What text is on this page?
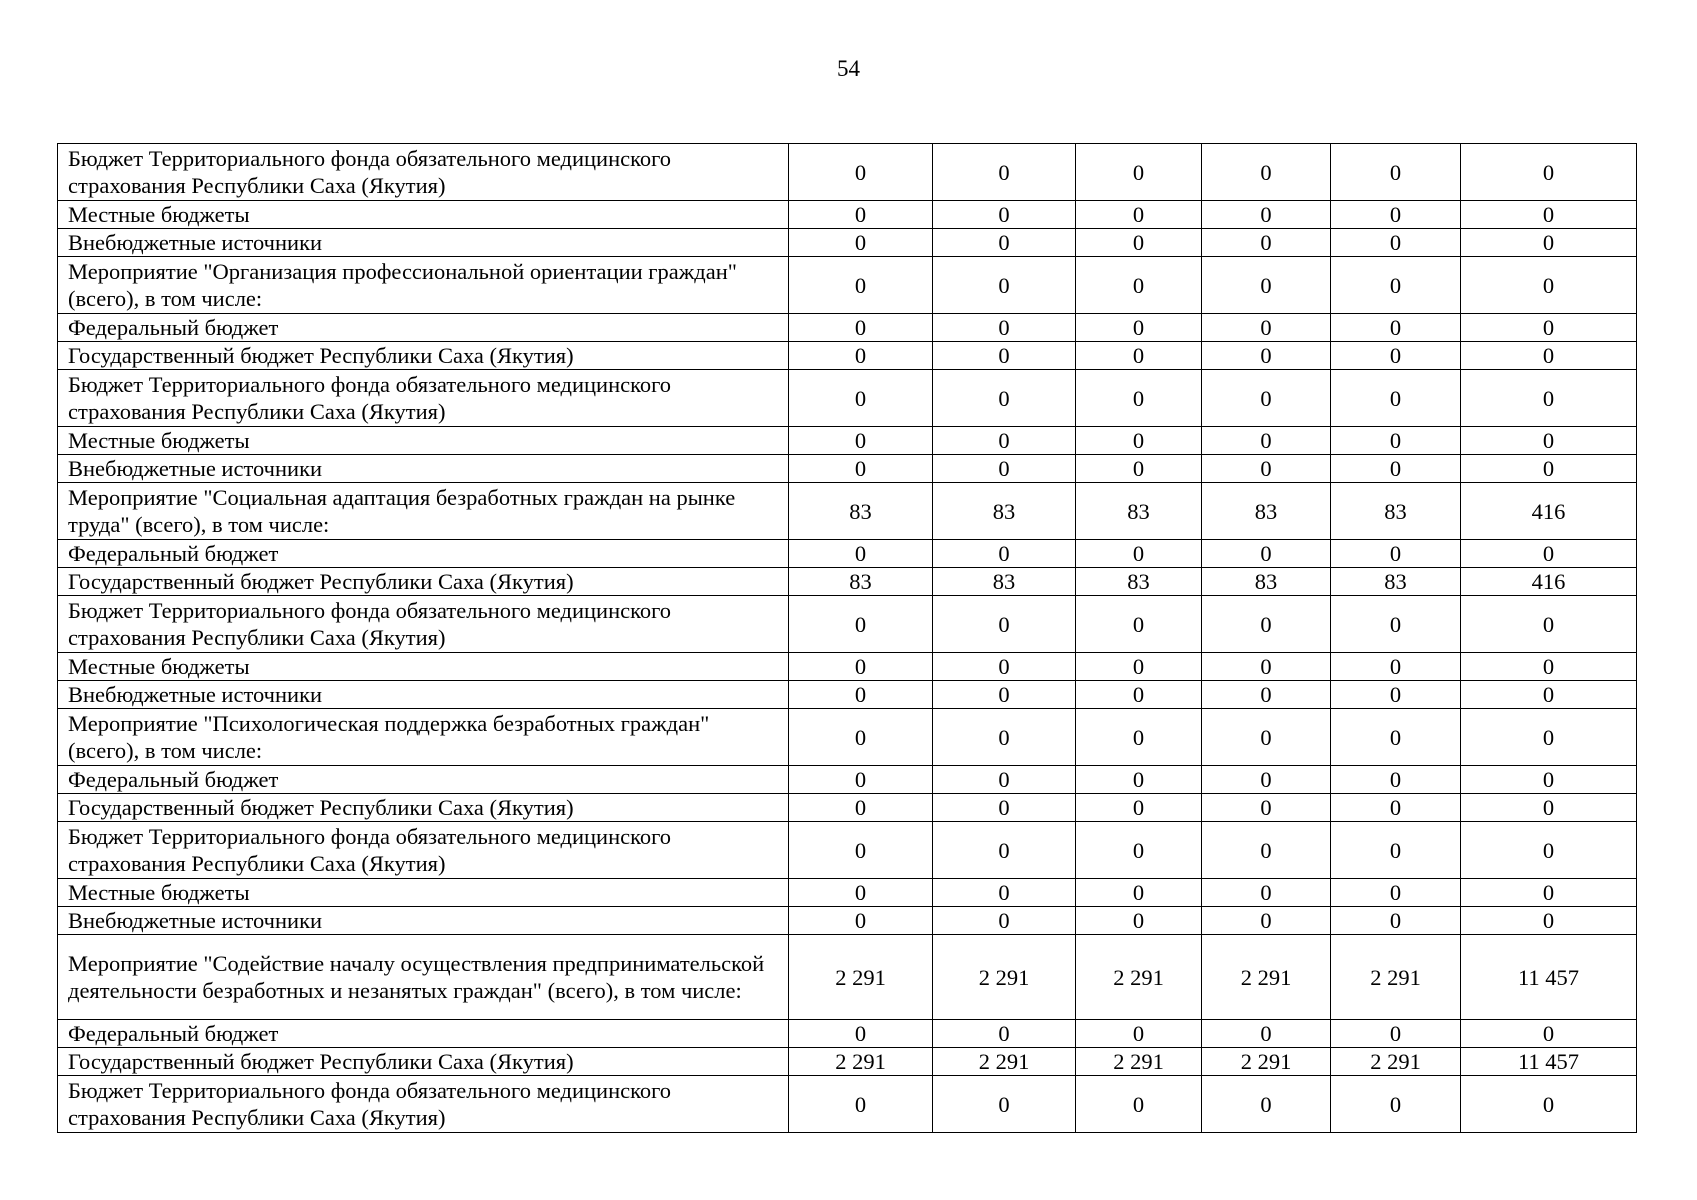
54
Бюджет Территориального фонда обязательного медицинского страхования Республики Саха (Якутия)	0	0	0	0	0	0
Местные бюджеты	0	0	0	0	0	0
Внебюджетные источники	0	0	0	0	0	0
Мероприятие "Организация профессиональной ориентации граждан" (всего), в том числе:	0	0	0	0	0	0
Федеральный бюджет	0	0	0	0	0	0
Государственный бюджет Республики Саха (Якутия)	0	0	0	0	0	0
Бюджет Территориального фонда обязательного медицинского страхования Республики Саха (Якутия)	0	0	0	0	0	0
Местные бюджеты	0	0	0	0	0	0
Внебюджетные источники	0	0	0	0	0	0
Мероприятие "Социальная адаптация безработных граждан на рынке труда" (всего), в том числе:	83	83	83	83	83	416
Федеральный бюджет	0	0	0	0	0	0
Государственный бюджет Республики Саха (Якутия)	83	83	83	83	83	416
Бюджет Территориального фонда обязательного медицинского страхования Республики Саха (Якутия)	0	0	0	0	0	0
Местные бюджеты	0	0	0	0	0	0
Внебюджетные источники	0	0	0	0	0	0
Мероприятие "Психологическая поддержка безработных граждан" (всего), в том числе:	0	0	0	0	0	0
Федеральный бюджет	0	0	0	0	0	0
Государственный бюджет Республики Саха (Якутия)	0	0	0	0	0	0
Бюджет Территориального фонда обязательного медицинского страхования Республики Саха (Якутия)	0	0	0	0	0	0
Местные бюджеты	0	0	0	0	0	0
Внебюджетные источники	0	0	0	0	0	0
Мероприятие "Содействие началу осуществления предпринимательской деятельности безработных и незанятых граждан" (всего), в том числе:	2 291	2 291	2 291	2 291	2 291	11 457
Федеральный бюджет	0	0	0	0	0	0
Государственный бюджет Республики Саха (Якутия)	2 291	2 291	2 291	2 291	2 291	11 457
Бюджет Территориального фонда обязательного медицинского страхования Республики Саха (Якутия)	0	0	0	0	0	0
